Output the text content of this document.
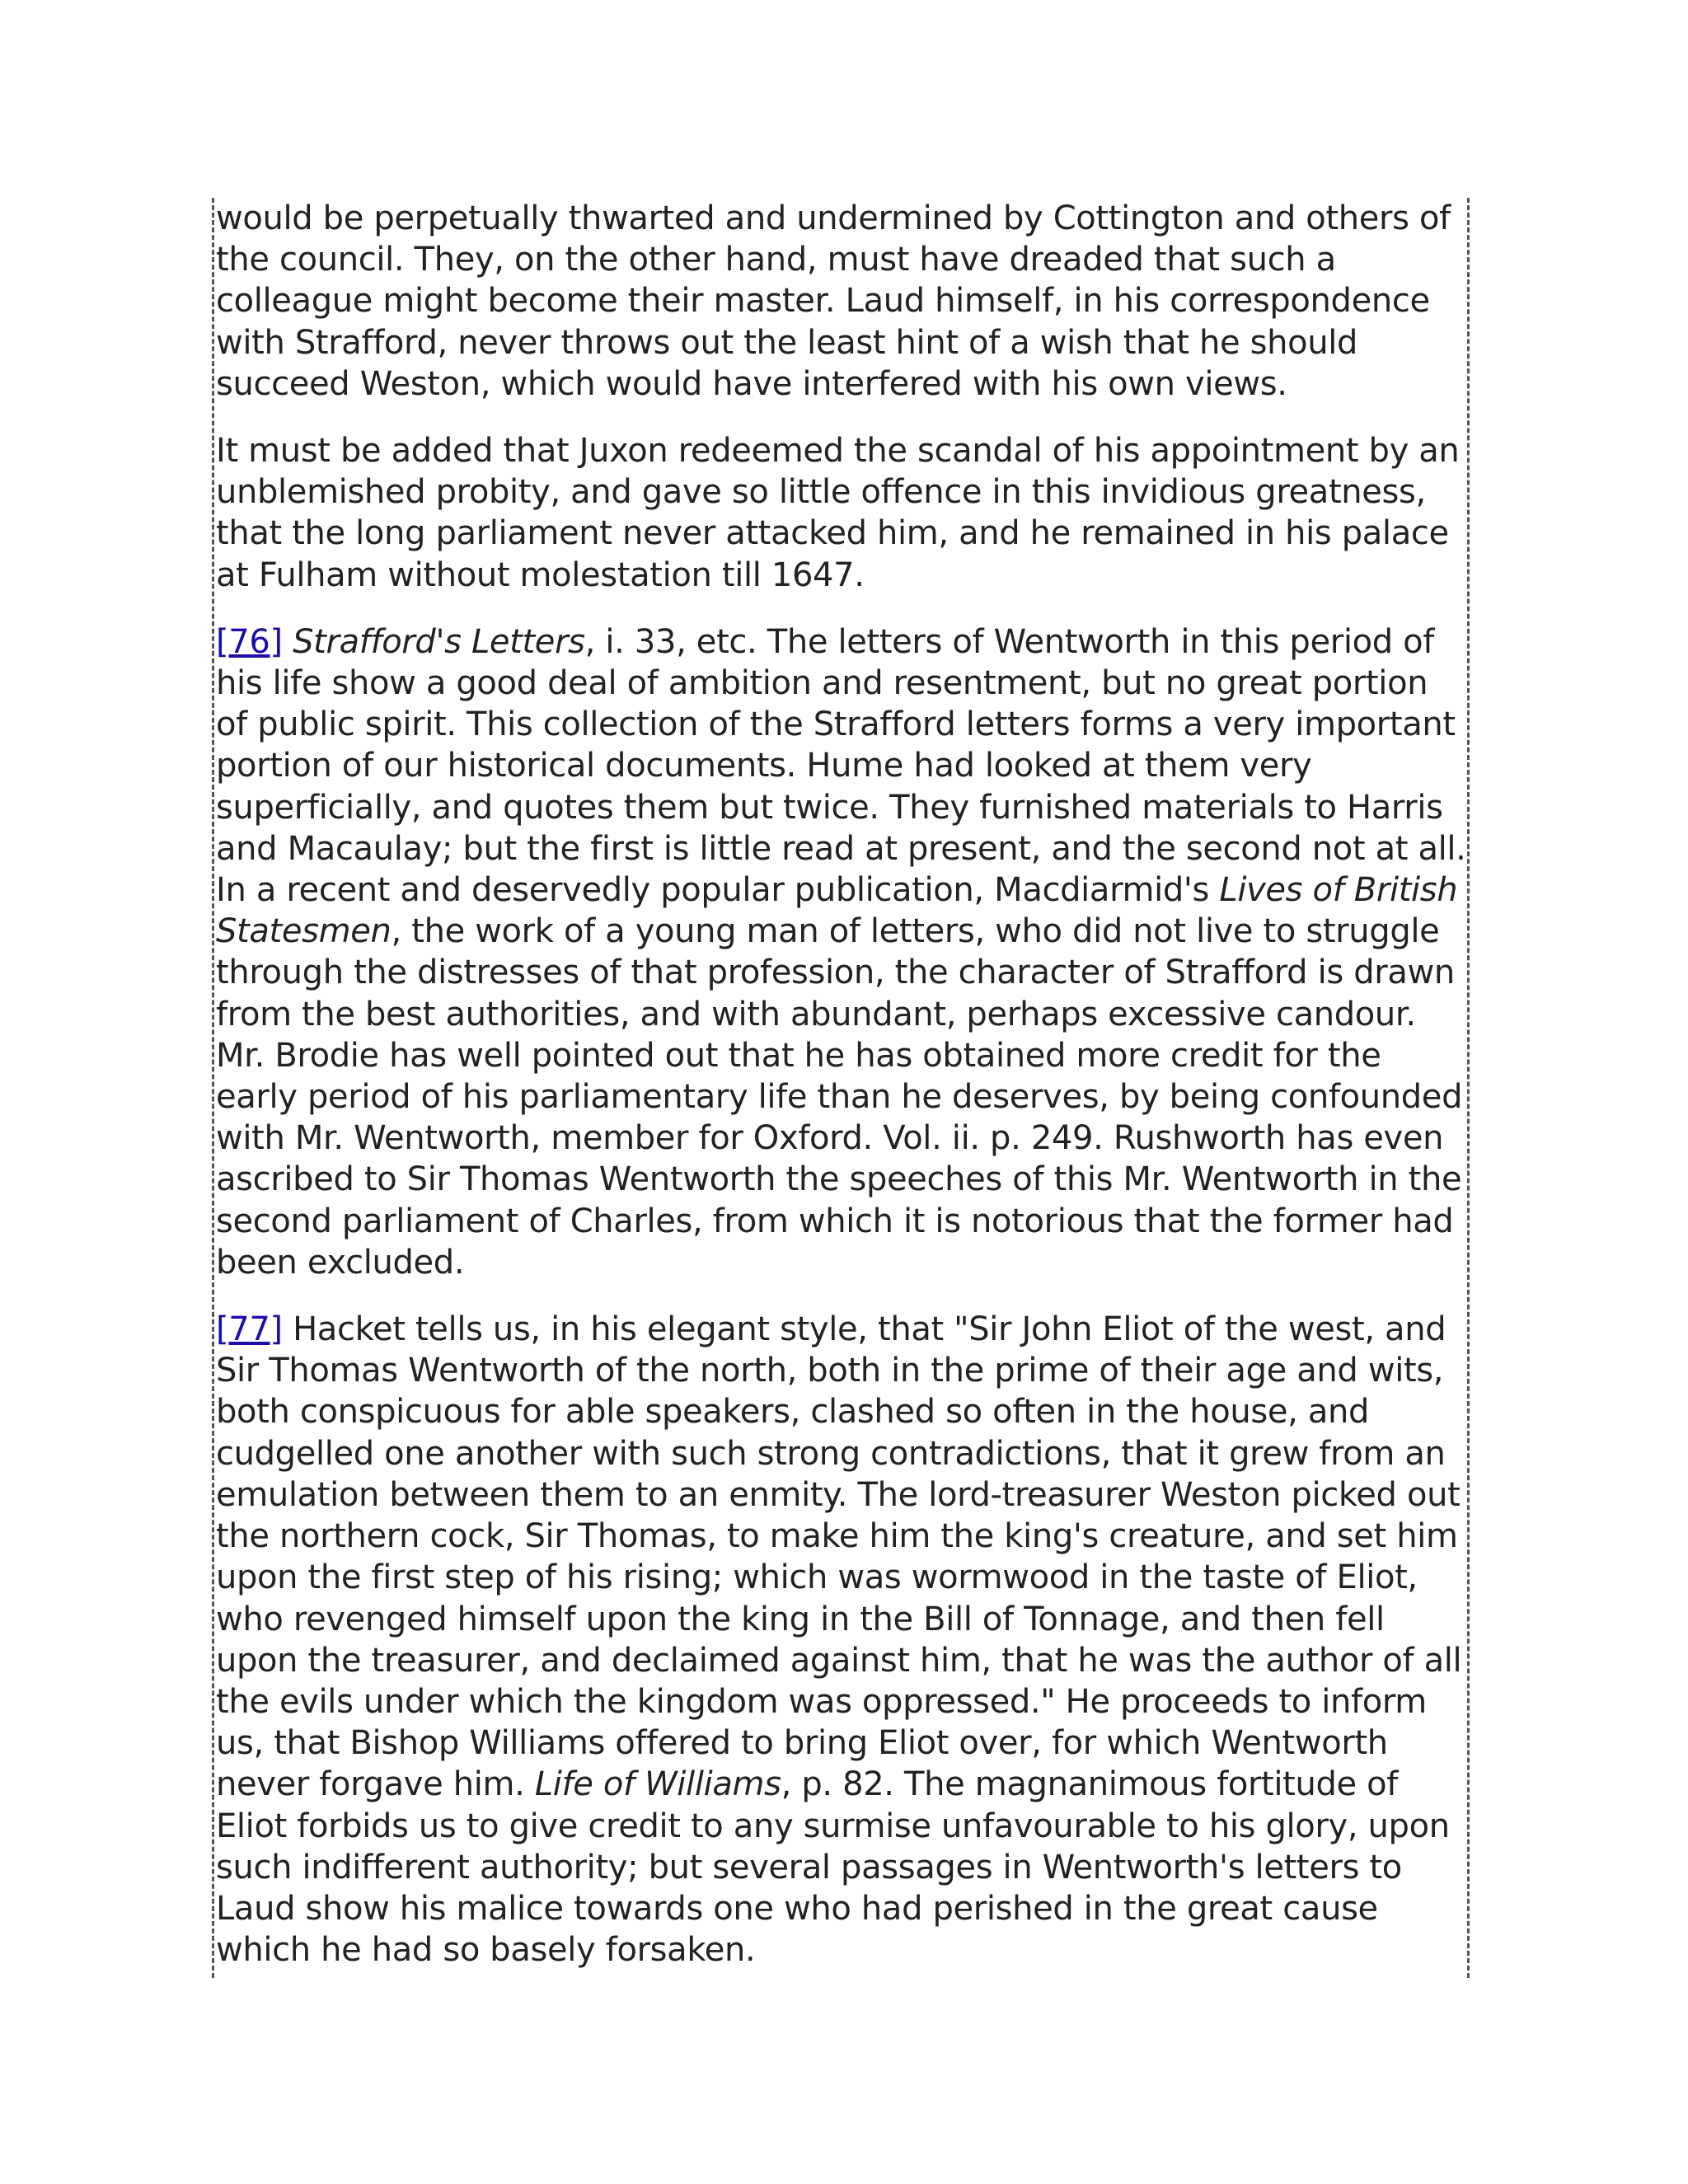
would be perpetually thwarted and undermined by Cottington and others of the council. They, on the other hand, must have dreaded that such a colleague might become their master. Laud himself, in his correspondence with Strafford, never throws out the least hint of a wish that he should succeed Weston, which would have interfered with his own views.

It must be added that Juxon redeemed the scandal of his appointment by an unblemished probity, and gave so little offence in this invidious greatness, that the long parliament never attacked him, and he remained in his palace at Fulham without molestation till 1647.

[76] Strafford's Letters, i. 33, etc. The letters of Wentworth in this period of his life show a good deal of ambition and resentment, but no great portion of public spirit. This collection of the Strafford letters forms a very important portion of our historical documents. Hume had looked at them very superficially, and quotes them but twice. They furnished materials to Harris and Macaulay; but the first is little read at present, and the second not at all. In a recent and deservedly popular publication, Macdiarmid's Lives of British Statesmen, the work of a young man of letters, who did not live to struggle through the distresses of that profession, the character of Strafford is drawn from the best authorities, and with abundant, perhaps excessive candour. Mr. Brodie has well pointed out that he has obtained more credit for the early period of his parliamentary life than he deserves, by being confounded with Mr. Wentworth, member for Oxford. Vol. ii. p. 249. Rushworth has even ascribed to Sir Thomas Wentworth the speeches of this Mr. Wentworth in the second parliament of Charles, from which it is notorious that the former had been excluded.

[77] Hacket tells us, in his elegant style, that "Sir John Eliot of the west, and Sir Thomas Wentworth of the north, both in the prime of their age and wits, both conspicuous for able speakers, clashed so often in the house, and cudgelled one another with such strong contradictions, that it grew from an emulation between them to an enmity. The lord-treasurer Weston picked out the northern cock, Sir Thomas, to make him the king's creature, and set him upon the first step of his rising; which was wormwood in the taste of Eliot, who revenged himself upon the king in the Bill of Tonnage, and then fell upon the treasurer, and declaimed against him, that he was the author of all the evils under which the kingdom was oppressed." He proceeds to inform us, that Bishop Williams offered to bring Eliot over, for which Wentworth never forgave him. Life of Williams, p. 82. The magnanimous fortitude of Eliot forbids us to give credit to any surmise unfavourable to his glory, upon such indifferent authority; but several passages in Wentworth's letters to Laud show his malice towards one who had perished in the great cause which he had so basely forsaken.
